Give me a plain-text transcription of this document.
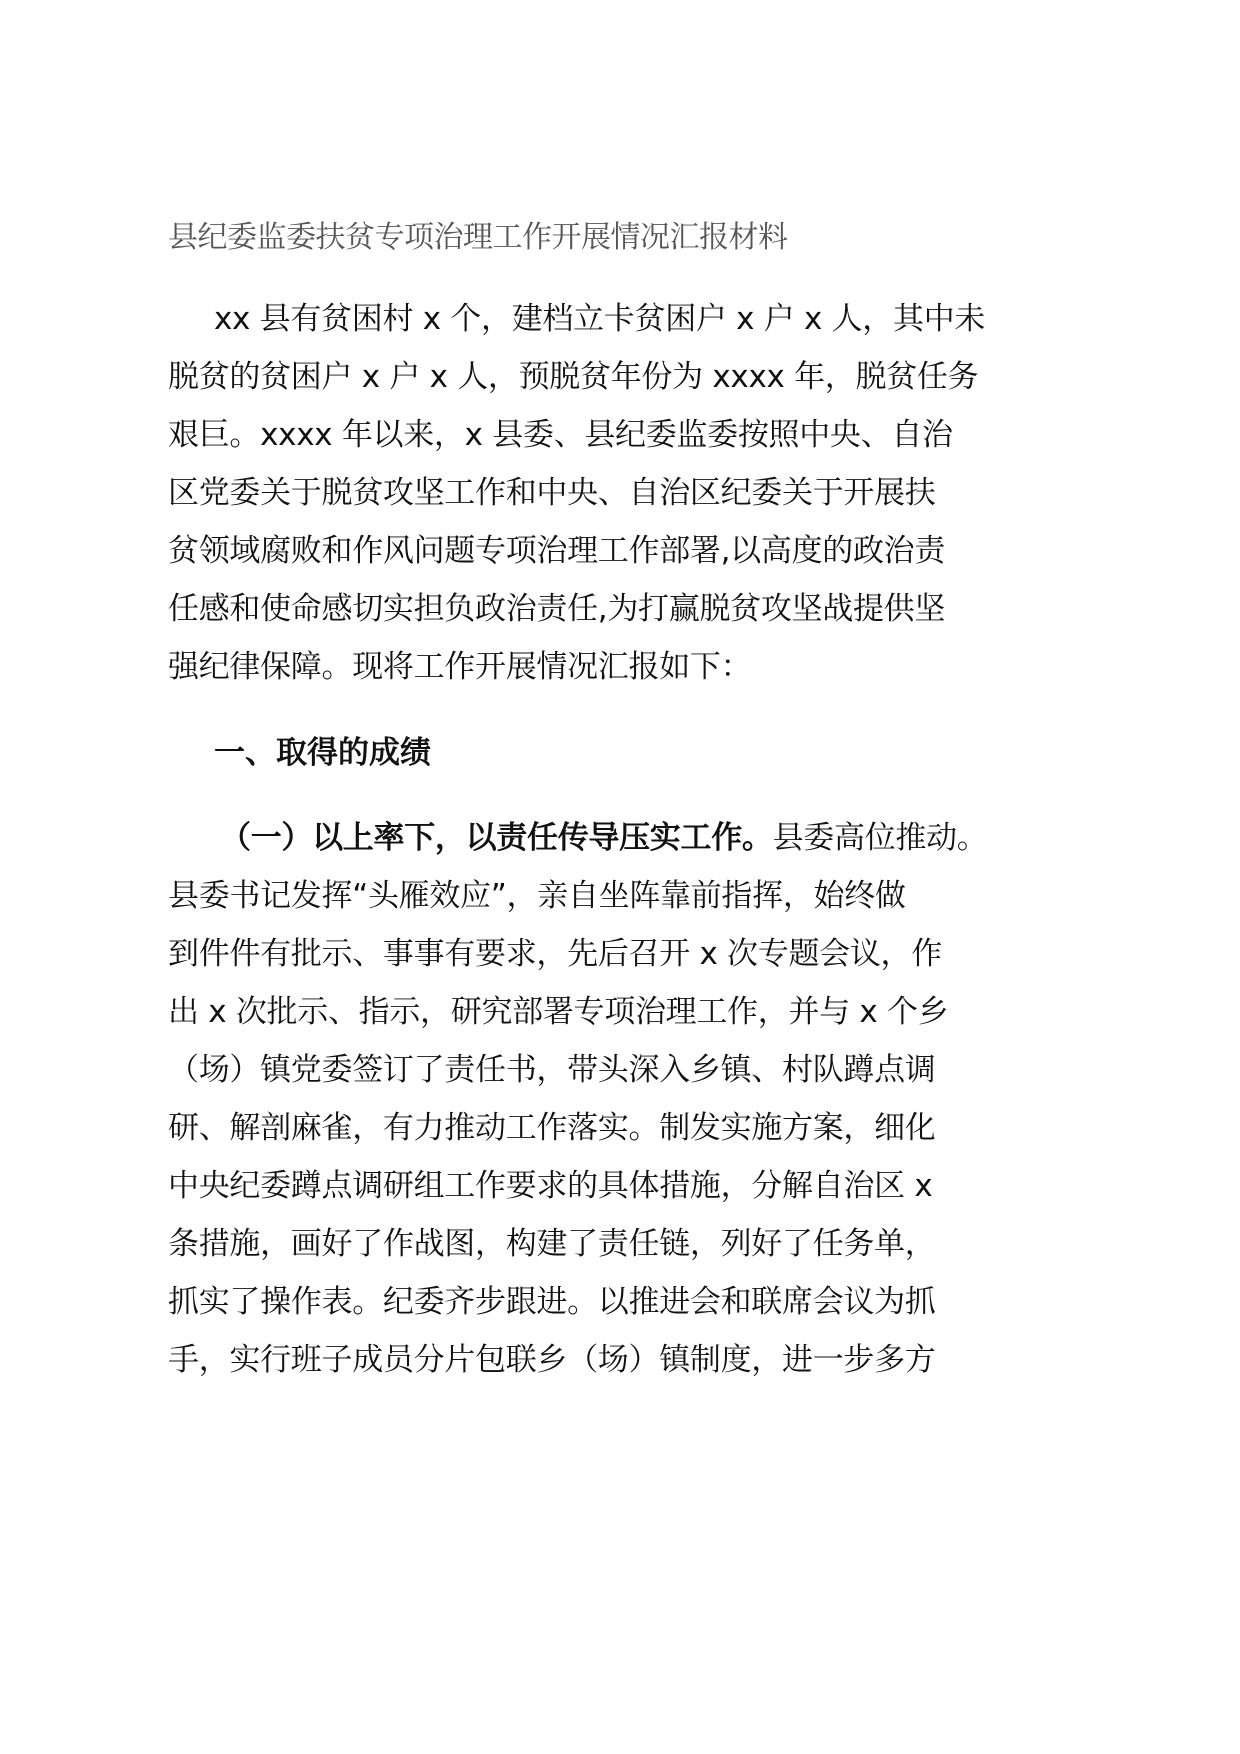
县纪委监委扶贫专项治理工作开展情况汇报材料
xx 县有贫困村 x 个，建档立卡贫困户 x 户 x 人，其中未
脱贫的贫困户 x 户 x 人，预脱贫年份为 xxxx 年，脱贫任务
艰巨。xxxx 年以来，x 县委、县纪委监委按照中央、自治
区党委关于脱贫攻坚工作和中央、自治区纪委关于开展扶
贫领域腐败和作风问题专项治理工作部署,以高度的政治责
任感和使命感切实担负政治责任,为打赢脱贫攻坚战提供坚
强纪律保障。现将工作开展情况汇报如下：
一、取得的成绩
（一）以上率下，以责任传导压实工作。县委高位推动。
县委书记发挥“头雁效应”，亲自坐阵靠前指挥，始终做
到件件有批示、事事有要求，先后召开 x 次专题会议，作
出 x 次批示、指示，研究部署专项治理工作，并与 x 个乡
（场）镇党委签订了责任书，带头深入乡镇、村队蹲点调
研、解剖麻雀，有力推动工作落实。制发实施方案，细化
中央纪委蹲点调研组工作要求的具体措施，分解自治区 x
条措施，画好了作战图，构建了责任链，列好了任务单，
抓实了操作表。纪委齐步跟进。以推进会和联席会议为抓
手，实行班子成员分片包联乡（场）镇制度，进一步多方
